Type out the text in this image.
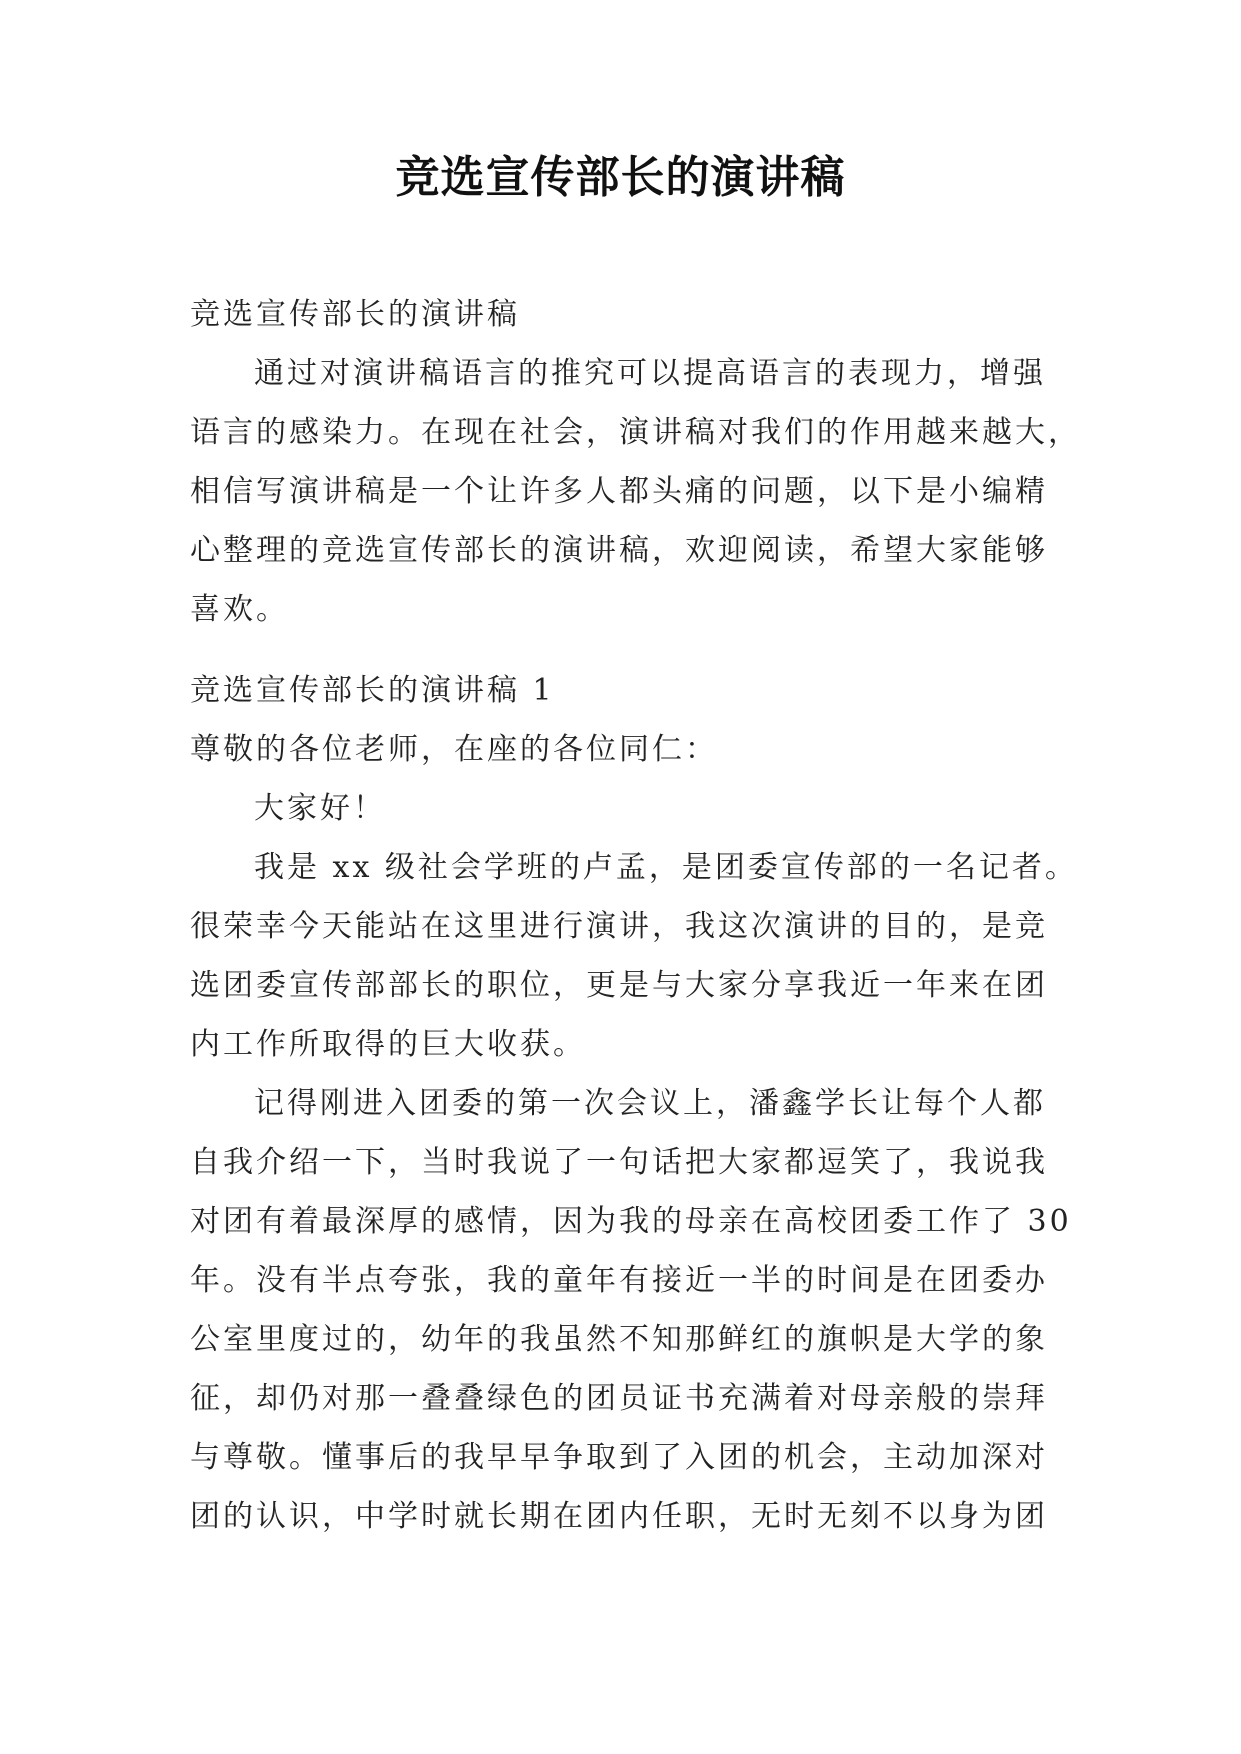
竞选宣传部长的演讲稿
竞选宣传部长的演讲稿
通过对演讲稿语言的推究可以提高语言的表现力，增强
语言的感染力。在现在社会，演讲稿对我们的作用越来越大，
相信写演讲稿是一个让许多人都头痛的问题，以下是小编精
心整理的竞选宣传部长的演讲稿，欢迎阅读，希望大家能够
喜欢。
竞选宣传部长的演讲稿 1
尊敬的各位老师，在座的各位同仁：
大家好！
我是 xx 级社会学班的卢孟，是团委宣传部的一名记者。
很荣幸今天能站在这里进行演讲，我这次演讲的目的，是竞
选团委宣传部部长的职位，更是与大家分享我近一年来在团
内工作所取得的巨大收获。
记得刚进入团委的第一次会议上，潘鑫学长让每个人都
自我介绍一下，当时我说了一句话把大家都逗笑了，我说我
对团有着最深厚的感情，因为我的母亲在高校团委工作了 30
年。没有半点夸张，我的童年有接近一半的时间是在团委办
公室里度过的，幼年的我虽然不知那鲜红的旗帜是大学的象
征，却仍对那一叠叠绿色的团员证书充满着对母亲般的崇拜
与尊敬。懂事后的我早早争取到了入团的机会，主动加深对
团的认识，中学时就长期在团内任职，无时无刻不以身为团
